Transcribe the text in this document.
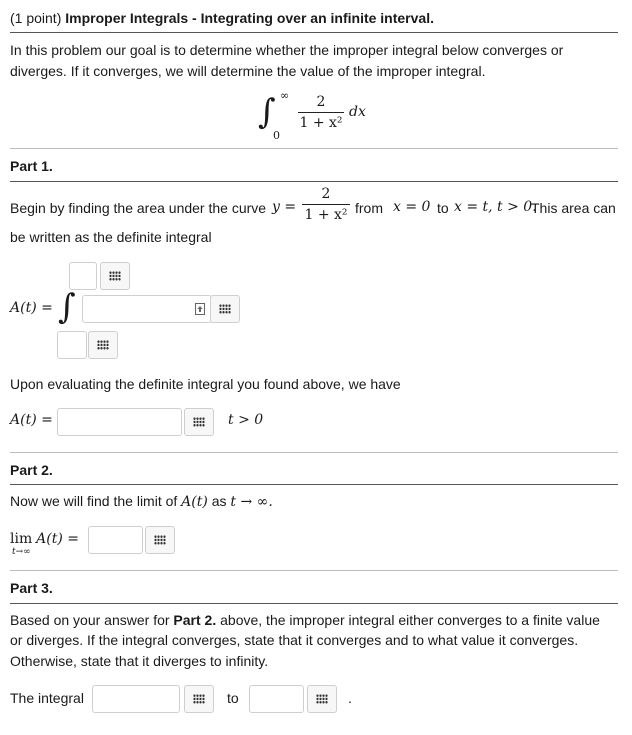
(1 point) Improper Integrals - Integrating over an infinite interval.
In this problem our goal is to determine whether the improper integral below converges or
diverges. If it converges, we will determine the value of the improper integral.
∫ ∞
0
2
1 + x²
dx
Part 1.
Begin by finding the area under the curve y =
2
1 + x² from x = 0 to x = t, t > 0.
This area can
be written as the definite integral
A(t) = ∫
Upon evaluating the definite integral you found above, we have
A(t) =	t > 0
Part 2.
Now we will find the limit of A(t) as t → ∞.
lim A(t) =
t→∞
Part 3.
Based on your answer for Part 2. above, the improper integral either converges to a finite value
or diverges. If the integral converges, state that it converges and to what value it converges.
Otherwise, state that it diverges to infinity.
The integral	to	.
